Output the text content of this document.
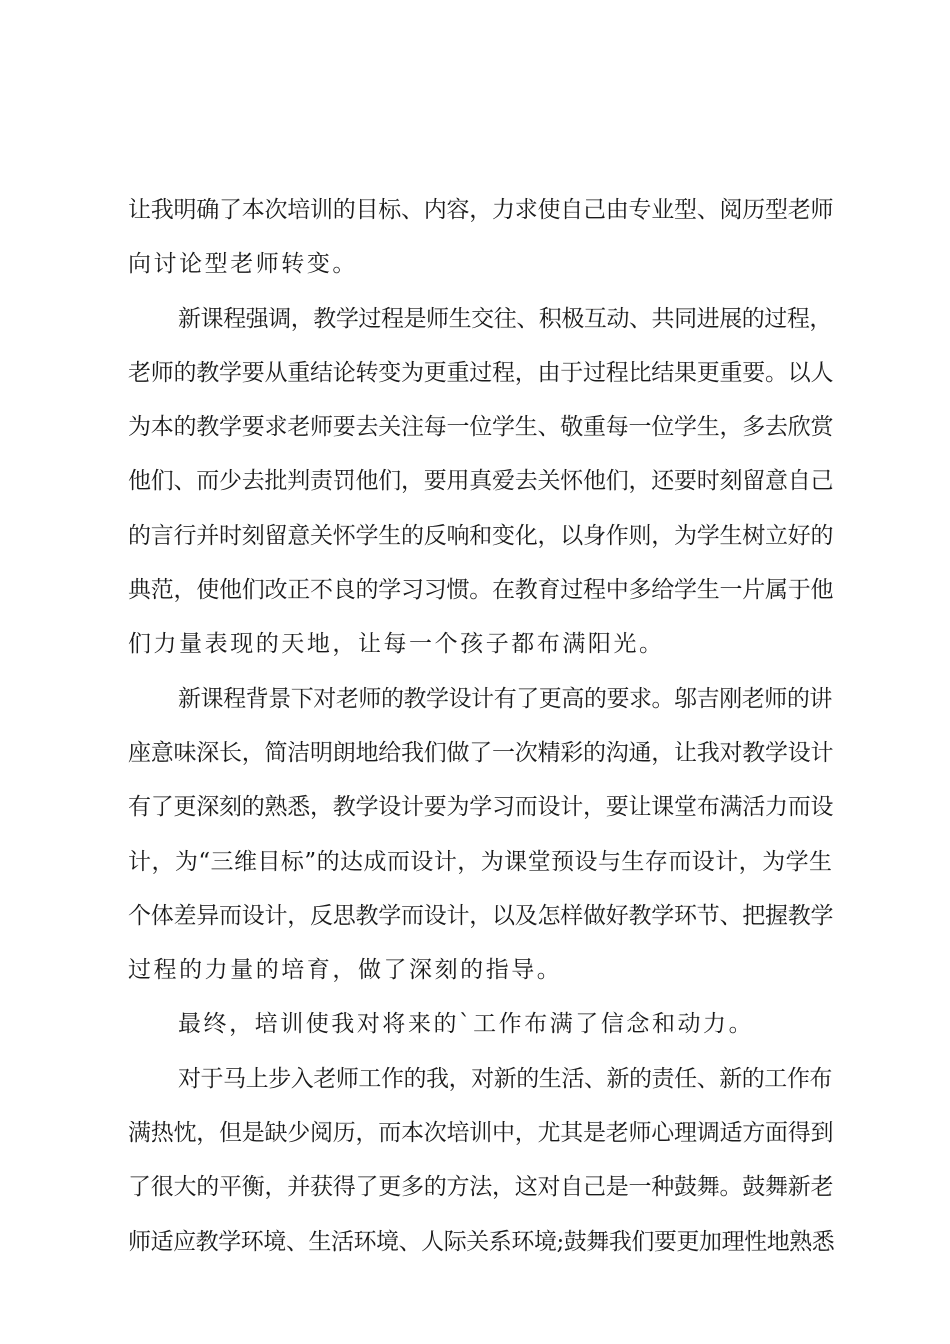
让我明确了本次培训的目标、内容，力求使自己由专业型、阅历型老师
向讨论型老师转变。
新课程强调，教学过程是师生交往、积极互动、共同进展的过程，
老师的教学要从重结论转变为更重过程，由于过程比结果更重要。以人
为本的教学要求老师要去关注每一位学生、敬重每一位学生，多去欣赏
他们、而少去批判责罚他们，要用真爱去关怀他们，还要时刻留意自己
的言行并时刻留意关怀学生的反响和变化，以身作则，为学生树立好的
典范，使他们改正不良的学习习惯。在教育过程中多给学生一片属于他
们力量表现的天地，让每一个孩子都布满阳光。
新课程背景下对老师的教学设计有了更高的要求。邬吉刚老师的讲
座意味深长，简洁明朗地给我们做了一次精彩的沟通，让我对教学设计
有了更深刻的熟悉，教学设计要为学习而设计，要让课堂布满活力而设
计，为“三维目标”的达成而设计，为课堂预设与生存而设计，为学生
个体差异而设计，反思教学而设计，以及怎样做好教学环节、把握教学
过程的力量的培育，做了深刻的指导。
最终，培训使我对将来的`工作布满了信念和动力。
对于马上步入老师工作的我，对新的生活、新的责任、新的工作布
满热忱，但是缺少阅历，而本次培训中，尤其是老师心理调适方面得到
了很大的平衡，并获得了更多的方法，这对自己是一种鼓舞。鼓舞新老
师适应教学环境、生活环境、人际关系环境;鼓舞我们要更加理性地熟悉
